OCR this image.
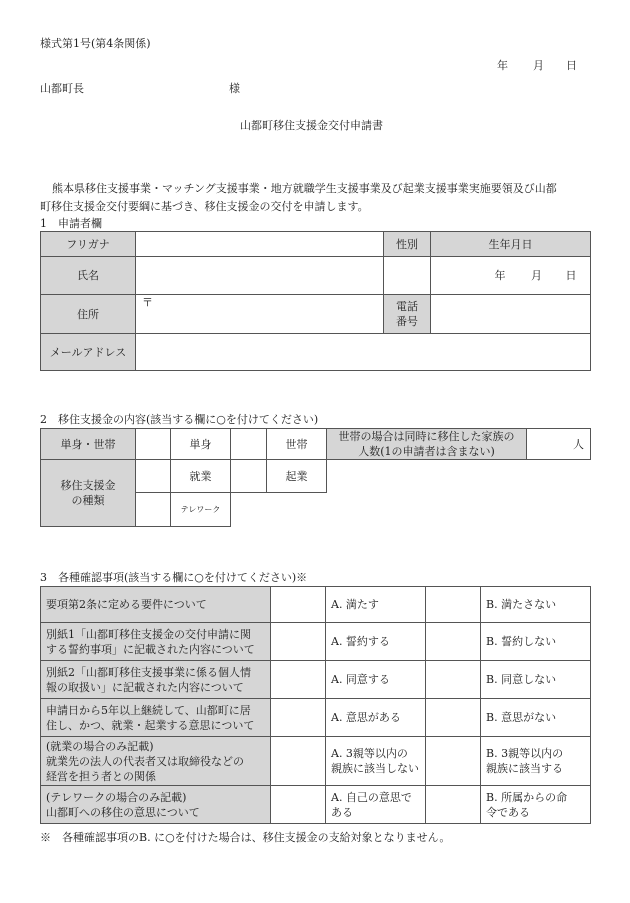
様式第1号(第4条関係)
年 月 日
山都町長	様
山都町移住支援金交付申請書
熊本県移住支援事業・マッチング支援事業・地方就職学生支援事業及び起業支援事業実施要領及び山都
町移住支援金交付要綱に基づき、移住支援金の交付を申請します。
1　申請者欄
フリガナ		性別	生年月日
氏名			年 月 日
住所	〒	電話
番号	
メールアドレス			
2　移住支援金の内容(該当する欄に○を付けてください)
単身・世帯		単身		世帯	世帯の場合は同時に移住した家族の
人数(1の申請者は含まない)	人
移住支援金
の種類		就業		起業		
		テレワーク				
3　各種確認事項(該当する欄に○を付けてください)※
要項第2条に定める要件について		A. 満たす		B. 満たさない
別紙1「山都町移住支援金の交付申請に関
する誓約事項」に記載された内容について		A. 誓約する		B. 誓約しない
別紙2「山都町移住支援事業に係る個人情
報の取扱い」に記載された内容について		A. 同意する		B. 同意しない
申請日から5年以上継続して、山都町に居
住し、かつ、就業・起業する意思について		A. 意思がある		B. 意思がない
(就業の場合のみ記載)
就業先の法人の代表者又は取締役などの
経営を担う者との関係		A. 3親等以内の
親族に該当しない		B. 3親等以内の
親族に該当する
(テレワークの場合のみ記載)
山都町への移住の意思について		A. 自己の意思で
ある		B. 所属からの命
令である
※　各種確認事項のB. に○を付けた場合は、移住支援金の支給対象となりません。
